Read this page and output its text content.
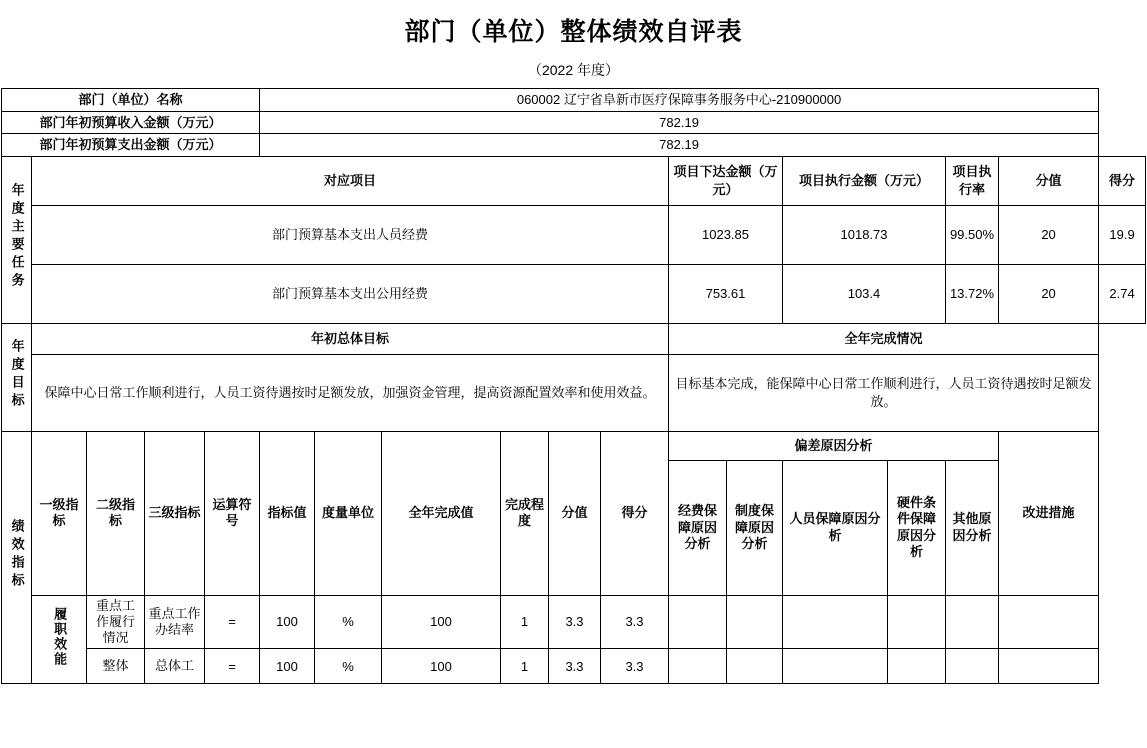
部门（单位）整体绩效自评表
（2022 年度）
部门（单位）名称					060002 辽宁省阜新市医疗保障事务服务中心-210900000												
部门年初预算收入金额（万元）					782.19												
部门年初预算支出金额（万元）					782.19												
年度主要任务	对应项目										项目下达金额（万元）		项目执行金额（万元）		项目执行率	分值	得分
	部门预算基本支出人员经费										1023.85		1018.73		99.50%	20	19.9
	部门预算基本支出公用经费										753.61		103.4		13.72%	20	2.74
年度目标	年初总体目标										全年完成情况						
	保障中心日常工作顺利进行，人员工资待遇按时足额发放，加强资金管理，提高资源配置效率和使用效益。										目标基本完成，能保障中心日常工作顺利进行，人员工资待遇按时足额发放。						
绩效指标	一级指标	二级指标	三级指标	运算符号	指标值	度量单位	全年完成值	完成程度	分值	得分	偏差原因分析					改进措施	

											经费保障原因分析	制度保障原因分析	人员保障原因分析	硬件条件保障原因分析	其他原因分析		

	履职效能	重点工作履行情况	重点工作办结率	=	100	%	100	1	3.3	3.3							

		整体	总体工	=	100	%	100	1	3.3	3.3							
